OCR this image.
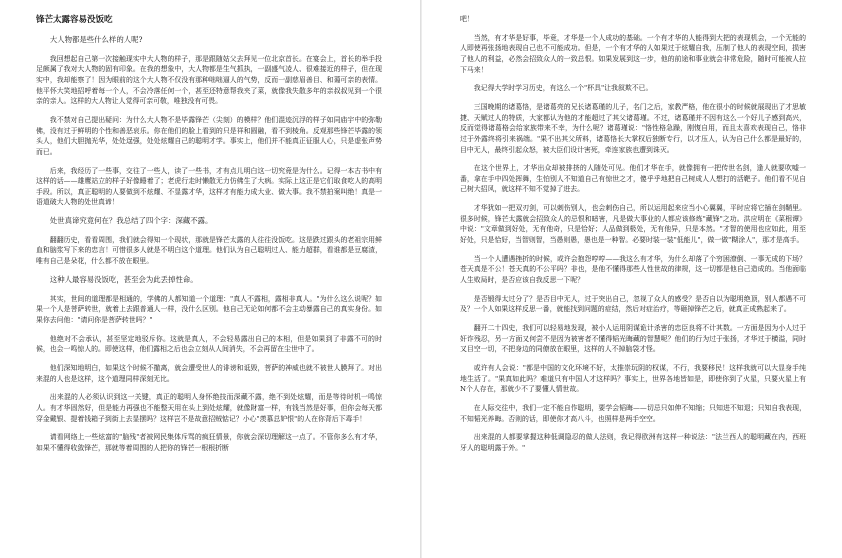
锋芒太露容易没饭吃

大人物都是些什么样的人呢?

我回想起自己第一次接触现实中大人物的样子，那是跟随姑父去拜见一位北京首长。在宴会上，首长的举手投足颇属了我对大人物的固有印象。在我的想象中，大人物都是生气抓执，一副盛气凌人、很难接近的样子，但在现实中，我却能察了！因为眼前的这个大人物不仅没有那种咄咄逼人的气势，反而一副慈眉善目、和蔼可亲的表情。他平怀大笑地招呼着每一个人，不会冷落任何一个，甚至还特意帮我夹了菜，就像我失散多年的亲叔叔见到一个很亲的亲人。这样的大人物让人觉得可亲可敬，唯独没有可畏。

我不禁对自己提出疑问：为什么大人物不是毕露锋芒（尖刻）的模样？他们混迹沉浮的样子如同庙宇中的弥勒佛，没有过于鲜明的个性和善恶哀乐。你在他们的脸上看到的只是祥和圆融，看不到棱角。反观那些锋芒毕露的领头人，他们大胆抛光华，处处逞强，处处炫耀自己的聪明才学。事实上，他们并不能真正征服人心，只是虚张声势而已。

后来，我经历了一些事，交往了一些人，读了一些书，才有点儿明白这一切究竟是为什么。记得一本古书中有这样的话——雄鹰站立的样子好像睡着了；老虎行走时懒散无力仿佛生了大病。实际上这正是它们取食吃人的高明手段。所以，真正聪明的人要做到不炫耀、不显露才华，这样才有能力成大业、做大事。我不禁拍案叫绝！真是一语道破大人物的处世真谛！

处世真谛究竟何在？我总结了四个字：深藏不露。

翻翻历史，看看周围，我们就会得知一个现状，那就是锋芒太露的人往往没饭吃。这是跌过跟头的老祖宗用鲜血和脑浆写下来的忠言！可惜很多人就是不明白这个道理。他们认为自己聪明过人、能力超群，看谁都是豆腐渣，唯有自己是朵花，什么都不放在眼里。

这种人最容易没饭吃，甚至会为此丢掉性命。

其实，世间的道理都是相通的，学佛的人都知道一个道理："真人不露相，露相非真人。"为什么这么说呢？如果一个人是菩萨转世，就着上去跟普通人一样，没什么区别。他自己无论如何都不会主动暴露自己的真实身份。如果你去问他："请问你是菩萨转世吗？"

他绝对不会承认，甚至坚定地驳斥你。这就是真人，不会轻易露出自己的本相，但是如果到了非露不可的时候，也会一鸣惊人的。即使这样，他们露相之后也会立刻从人间消失，不会再留在尘世中了。

他们深知地明白，如果这个时候不撤离，就会遭受世人的诽谤和诋毁，菩萨的神威也就不被世人膜拜了。对出来混的人也是这样，这个道理同样深刻无比。

出来混的人必须认识到这一关键，真正的聪明人身怀绝技而深藏不露，绝不到处炫耀，而是等待时机一鸣惊人。有才华固然好，但是能力再强也不能整天用在头上到处炫耀，就像財富一样，有钱当然是好事，但你会每天都穿金戴银、提着钱箱子到街上去显摆吗？这样岂不是故意招贼惦记？小心"羡慕总妒恨"的人在你背后下毒手！

请看网络上一些炫富的"脑残"者被网民集体斥骂的疯狂情景，你就会深切理解这一点了。不管你多么有才华，如果不懂得收敛锋芒，那就等着周围的人把你的锋芒一根根折断

吧！

当然，有才华是好事，毕竟，才华是一个人成功的基础。一个有才华的人能得到大把的表现机会，一个无能的人即使再张扬地表现自己也不可能成功。但是，一个有才华的人如果过于炫耀自我，压制了他人的表现空间，损害了他人的利益，必然会招致众人的一致总恨。如果发展到这一步，他的前途和事业就会非常危险，随时可能被人拉下马来！

我记得大学时学习历史，有这么一个"杯具"让我叙欺不已。

三国晚期的诸葛恪，是诸葛亮的兄长诸葛瑾的儿子，名门之后，家教严格，他在很小的时候就展现出了才思敏捷、天赋过人的特质，大家都认为他的才能超过了其父诸葛瑾。不过，诸葛瑾并不因有这么一个好儿子感到高兴，反而觉得诸葛格会给家族带来不幸，为什么呢？诸葛瑾说："恪性格急躁，刚愎自用，而且太喜欢表现自己，恪非过于外露终将引来祸端。"果不出其父所料，诸葛恪长大掌权后独断专行，以才压人，认为自己什么都是最好的，目中无人，最终引起众怒，被大臣们设计害死，牵连家族也遭到诛灭。

在这个世界上，才华出众却被排挤的人随处可见。他们才华在手，就像拥有一把传世名剑，逢人就要吹嘘一番，拿在手中四处挥舞，生怕别人不知道自己有惊世之才，傻乎乎地把自己树成人人想打的活靶子。他们看不见自己树大招风，就这样不知不觉掉了进去。

才华犹如一把双刃剑，可以刺伤别人，也会刺伤自己，所以运用起来应当小心翼翼，平时应将它插在剑鞘里。很多时候，锋芒太露就会招致众人的忌恨和暗害，凡是做大事业的人都应该修炼"藏锋"之功。洪应明在《菜根谭》中说："文章做到好处，无有他奇，只是恰好；人品做到极处，无有他异，只是本然。"才智的使用也应如此，用至好处，只是恰好，当智则智，当愚则愚，愚也是一种智。必要时装一装"低能儿"，做一做"糊涂人"，那才是高手。

当一个人遭遇挫折的时候，或许会抱怨哼哼——我这么有才华，为什么却落了个穷困潦倒、一事无成的下场？苍天真是不公！苍天真的不公平吗？非也，是他不懂得那些人性世故的律规，这一切都是他自己造成的。当他面临人生败局时，是否应该自我反思一下呢？

是否锻得太过分了？是否目中无人，过于突出自己，忽视了众人的感受？是否自以为聪明绝顶，别人都遇不可及？一个人如果这样反思一番，就能找到问题的症结，然后对症治疗，等砸掉锋芒之后，就真正成熟起来了。

翻开二十四史，我们可以轻易地发现，被小人运用阴谋诡计杀害的忠臣良将不计其数。一方面是因为小人过于奸诈残忍，另一方面又何尝不是因为被害者不懂得韬光晦藏的智慧呢？他们的行为过于张扬，才华过于横溢，同时又目空一切，不把身边的同僚放在眼里，这样的人不掉脑袋才怪。

或许有人会说："都是中国的文化环境不好，太推崇玩阴的权谋，不行，我要移民！这样我就可以大显身手纯地生活了。"果真如此吗？难道只有中国人才这样吗？事实上，世界各地皆如是，即使你到了火星，只要火星上有N个人存在，那就少不了要懂人情世故。

在人际交往中，我们一定不能自作聪明，要学会韬晦——切忌只如伸不知缩；只知进不知退；只知自我表现，不知韬光养晦。否则的话，即使你才高八斗，也照样是两手空空。

出来混的人都要掌握这种低调隐忍的做人法则，我记得欧洲有这样一种说法："法兰西人的聪明藏在内，西班牙人的聪明露于外。"
